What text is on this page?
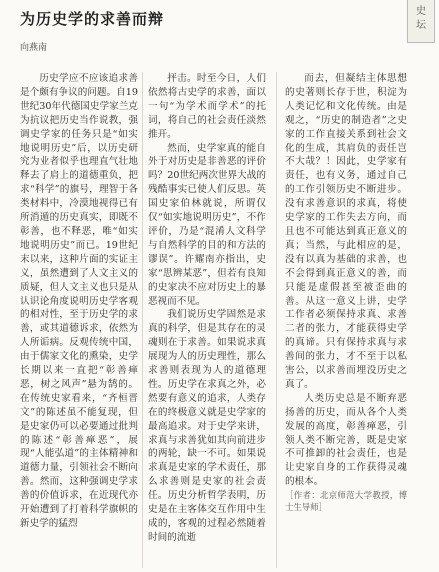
为历史学的求善而辩
向燕南
史
坛

历史学应不应该追求善是个颇有争议的问题。自19世纪30年代德国史学家兰克为抗议把历史当作说教，强调史学家的任务只是“如实地说明历史”后，以历史研究为业者似乎也理直气壮地释去了肩上的道德重负，把求“科学”的旗号，理智于各类材料中，冷漠地视得已有所消遁的历史真实，即既不彰善，也不释恶，唯“如实地说明历史”而已。19世纪末以来，这种片面的实证主义，虽然遭到了人文主义的质疑，但人文主义也只是从认识论角度说明历史学客观的相对性，至于历史学的求善，或其道德诉求，依然为人所诟病。反观传统中国，由于儒家文化的熏染，史学长期以来一直把“彰善瘅恶，树之风声”悬为鹄的。在传统史家看来，“齐桓晋文”的陈述虽不能复现，但是史家仍可以必要通过批判的陈述“彰善瘅恶”，展现“人能弘道”的主体精神和道德力量，引领社会不断向善。然而，这种强调史学求善的价值诉求，在近现代亦开始遭到了打着科学旗帜的新史学的猛烈

抨击。时至今日，人们依然将古史学的求善，面以一句“为学术而学术”的托词，将自己的社会责任淡然推开。

然而，史学家真的能自外于对历史是非善恶的评价吗？20世纪两次世界大战的残酷事实已使人们反思。英国史家伯林就说，所谓仅仅“如实地说明历史”，不作评价，乃是“混淆人文科学与自然科学的目的和方法的谬误”。许耀南亦指出，史家“思辨某恶”，但若有良知的史家决不应对历史上的暴恶视而不见。

我们说历史学固然是求真的科学，但是其存在的灵魂则在于求善。如果说求真展现为人的历史理性，那么求善则表现为人的道德理性。历史学在求真之外，必然要有意义的追求，人类存在的终极意义就是史学家的最高追求。对于史学来讲，求真与求善犹如其向前进步的两轮，缺一不可。如果说求真是史家的学术责任，那么求善则是史家的社会责任。历史分析哲学表明，历史是在主客体交互作用中生成的，客观的过程必然随着时间的流逝

而去，但凝结主体思想的史著则长存于世，积淀为人类记忆和文化传统。由是观之，“历史的制造者”之史家的工作直接关系到社会文化的生成，其肩负的责任岂不大哉？！因此，史学家有责任，也有义务，通过自己的工作引领历史不断进步。没有求善意识的求真，将使史学家的工作失去方向，而且也不可能达到真正意义的真；当然，与此相应的是，没有以真为基础的求善，也不会得到真正意义的善，而只能是虚假甚至被歪曲的善。从这一意义上讲，史学工作者必须保持求真、求善二者的张力，才能获得史学的真谛。只有保持求真与求善间的张力，才不至于以私害公，以求善而埋没历史之真了。

人类历史总是不断弃恶扬善的历史，而从各个人类发展的高度，彰善瘅恶，引领人类不断完善，既是史家不可推卸的社会责任，也是让史家自身的工作获得灵魂的根本。

［作者：北京师范大学教授，博士生导师］
